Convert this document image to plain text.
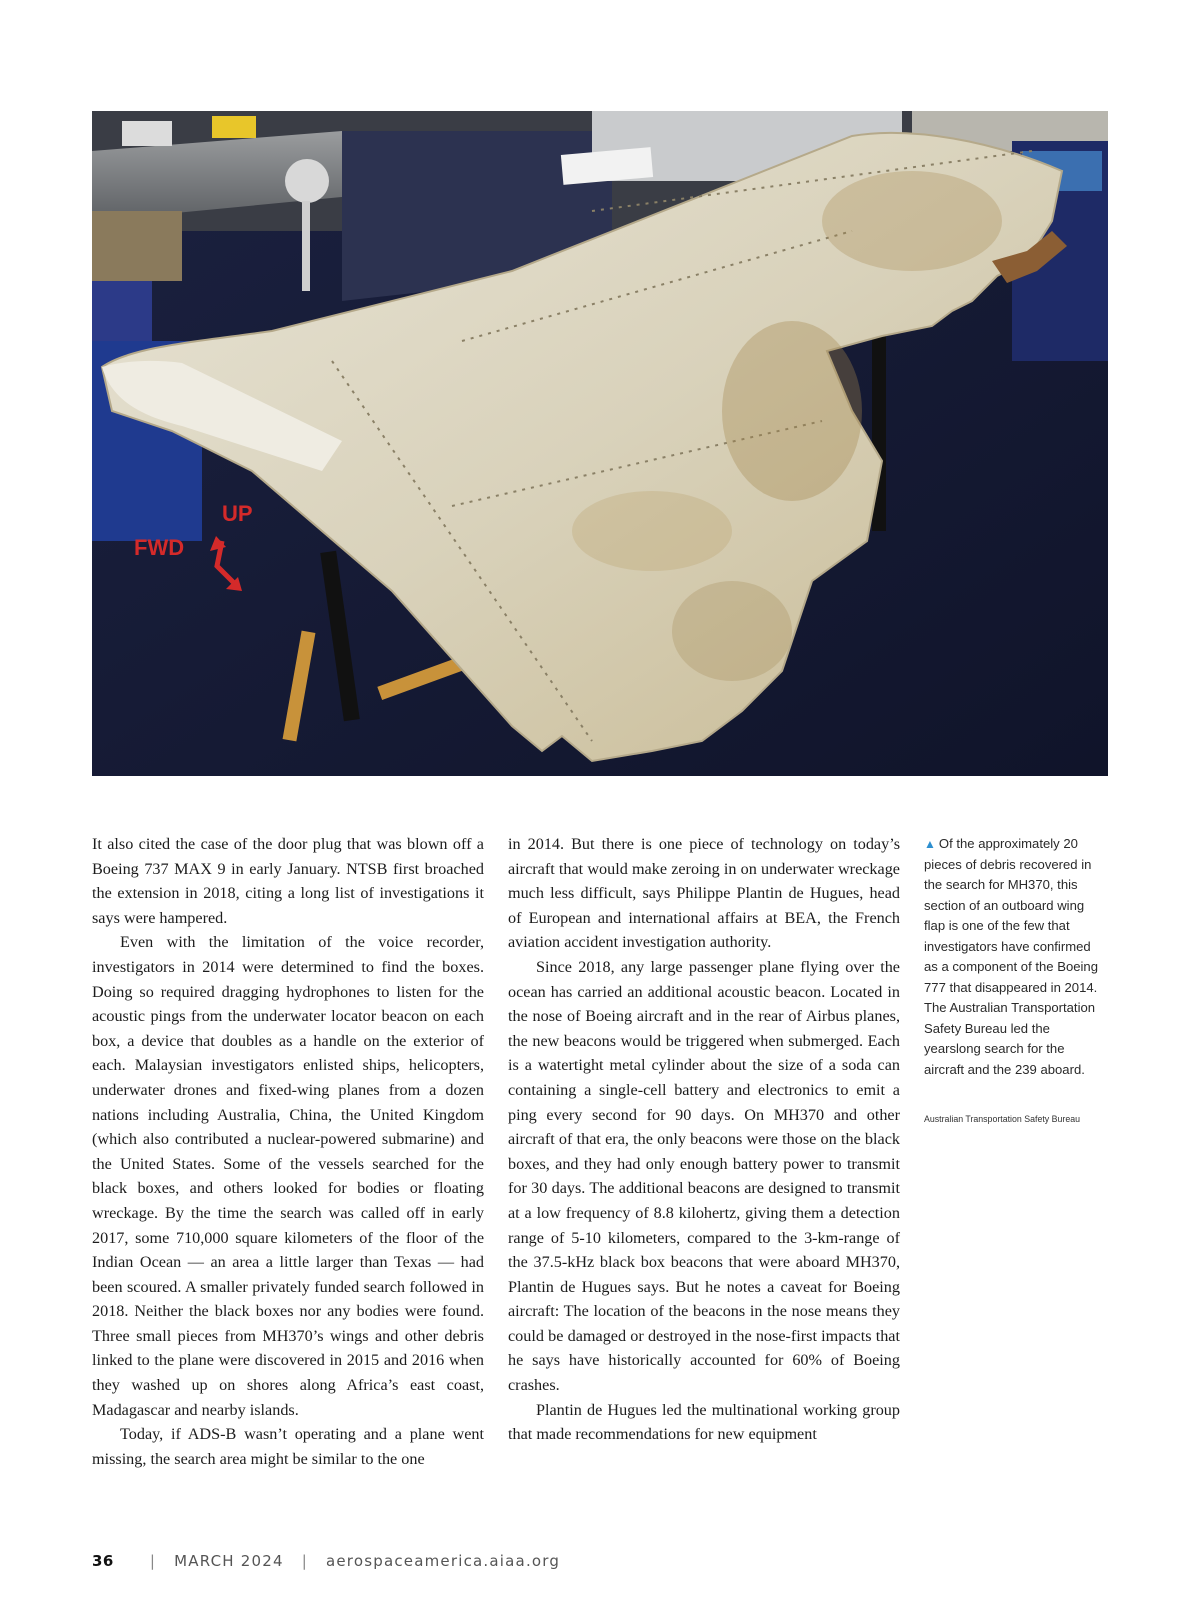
UP
FWD

It also cited the case of the door plug that was blown off a Boeing 737 MAX 9 in early January. NTSB first broached the extension in 2018, citing a long list of investigations it says were hampered.

Even with the limitation of the voice recorder, investigators in 2014 were determined to find the boxes. Doing so required dragging hydrophones to listen for the acoustic pings from the underwater locator beacon on each box, a device that doubles as a handle on the exterior of each. Malaysian investigators enlisted ships, helicopters, underwater drones and fixed-wing planes from a dozen nations including Australia, China, the United Kingdom (which also contributed a nuclear-powered submarine) and the United States. Some of the vessels searched for the black boxes, and others looked for bodies or floating wreckage. By the time the search was called off in early 2017, some 710,000 square kilometers of the floor of the Indian Ocean — an area a little larger than Texas — had been scoured. A smaller privately funded search followed in 2018. Neither the black boxes nor any bodies were found. Three small pieces from MH370’s wings and other debris linked to the plane were discovered in 2015 and 2016 when they washed up on shores along Africa’s east coast, Madagascar and nearby islands.

Today, if ADS-B wasn’t operating and a plane went missing, the search area might be similar to the one

in 2014. But there is one piece of technology on today’s aircraft that would make zeroing in on underwater wreckage much less difficult, says Philippe Plantin de Hugues, head of European and international affairs at BEA, the French aviation accident investigation authority.

Since 2018, any large passenger plane flying over the ocean has carried an additional acoustic beacon. Located in the nose of Boeing aircraft and in the rear of Airbus planes, the new beacons would be triggered when submerged. Each is a watertight metal cylinder about the size of a soda can containing a single-cell battery and electronics to emit a ping every second for 90 days. On MH370 and other aircraft of that era, the only beacons were those on the black boxes, and they had only enough battery power to transmit for 30 days. The additional beacons are designed to transmit at a low frequency of 8.8 kilohertz, giving them a detection range of 5-10 kilometers, compared to the 3-km-range of the 37.5-kHz black box beacons that were aboard MH370, Plantin de Hugues says. But he notes a caveat for Boeing aircraft: The location of the beacons in the nose means they could be damaged or destroyed in the nose-first impacts that he says have historically accounted for 60% of Boeing crashes.

Plantin de Hugues led the multinational working group that made recommendations for new equipment

▲ Of the approximately 20 pieces of debris recovered in the search for MH370, this section of an outboard wing flap is one of the few that investigators have confirmed as a component of the Boeing 777 that disappeared in 2014. The Australian Transportation Safety Bureau led the yearslong search for the aircraft and the 239 aboard.
Australian Transportation Safety Bureau
36 | MARCH 2024 | aerospaceamerica.aiaa.org
